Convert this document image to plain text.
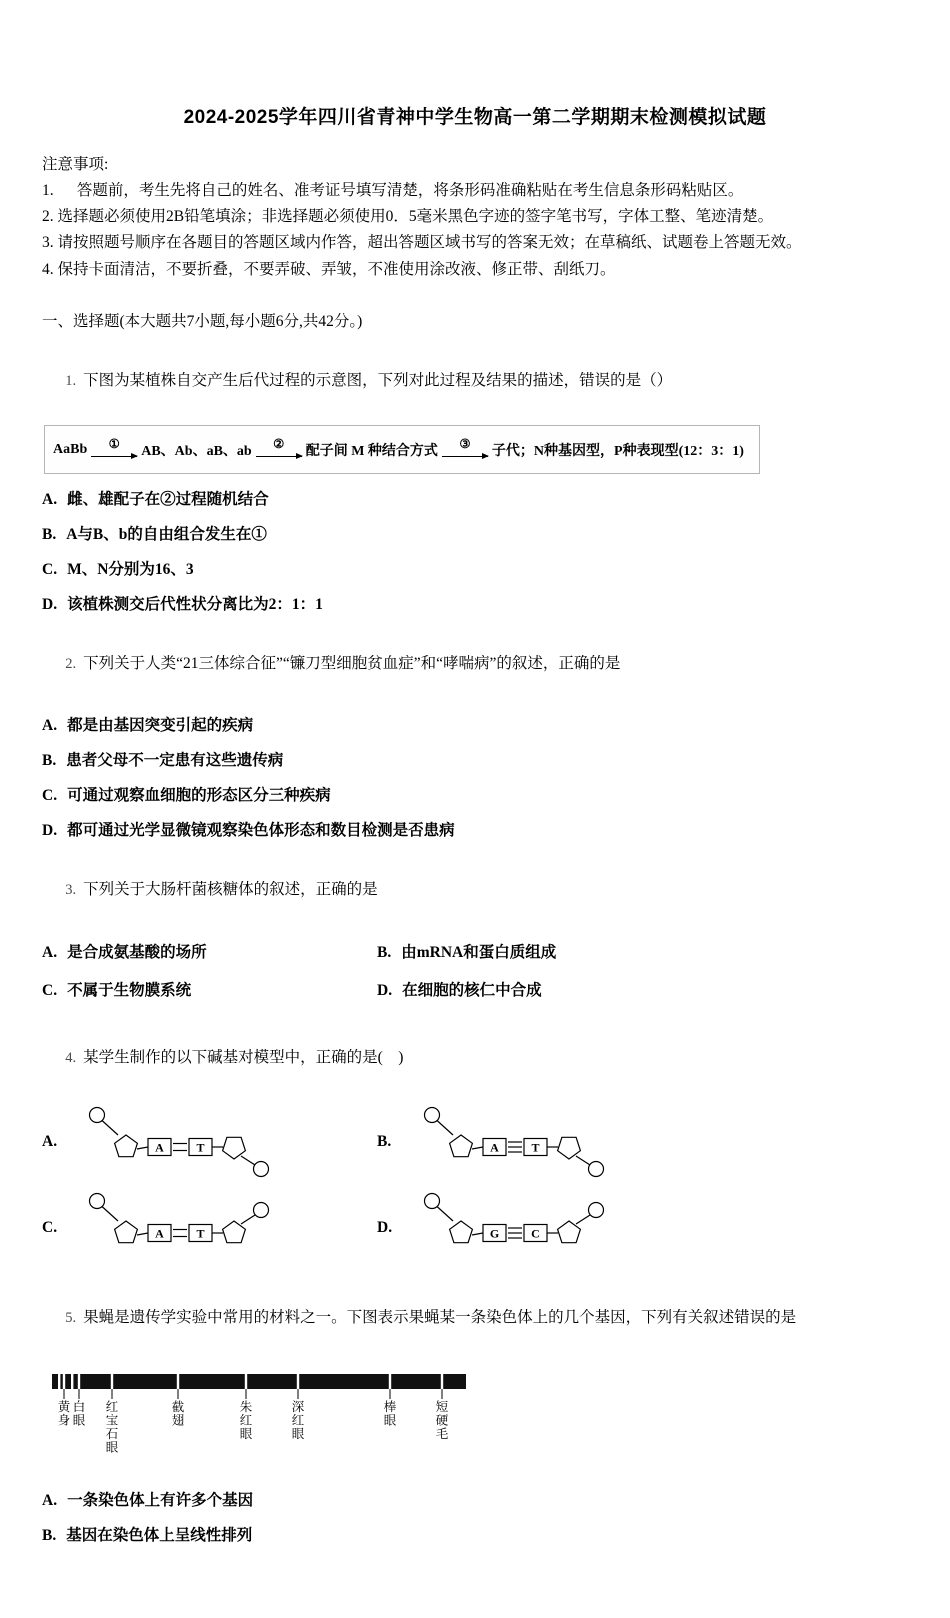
2024-2025学年四川省青神中学生物高一第二学期期末检测模拟试题
注意事项:
1.　  答题前，考生先将自己的姓名、准考证号填写清楚，将条形码准确粘贴在考生信息条形码粘贴区。
2. 选择题必须使用2B铅笔填涂；非选择题必须使用0．5毫米黑色字迹的签字笔书写，字体工整、笔迹清楚。
3. 请按照题号顺序在各题目的答题区域内作答，超出答题区域书写的答案无效；在草稿纸、试题卷上答题无效。
4. 保持卡面清洁，不要折叠，不要弄破、弄皱，不准使用涂改液、修正带、刮纸刀。
一、选择题(本大题共7小题,每小题6分,共42分。)

1. 下图为某植株自交产生后代过程的示意图，下列对此过程及结果的描述，错误的是（）

AaBb ① AB、Ab、aB、ab ② 配子间 M 种结合方式 ③ 子代；N种基因型，P种表现型(12：3：1)
A. 雌、雄配子在②过程随机结合
B. A与B、b的自由组合发生在①
C. M、N分别为16、3
D. 该植株测交后代性状分离比为2：1：1

2. 下列关于人类“21三体综合征”“镰刀型细胞贫血症”和“哮喘病”的叙述，正确的是

A. 都是由基因突变引起的疾病
B. 患者父母不一定患有这些遗传病
C. 可通过观察血细胞的形态区分三种疾病
D. 都可通过光学显微镜观察染色体形态和数目检测是否患病

3. 下列关于大肠杆菌核糖体的叙述，正确的是

A. 是合成氨基酸的场所	B. 由mRNA和蛋白质组成
C. 不属于生物膜系统	D. 在细胞的核仁中合成

4. 某学生制作的以下碱基对模型中，正确的是(    )

A.	A	T	B.	A	T
C.	A	T	D.	G	C

5. 果蝇是遗传学实验中常用的材料之一。下图表示果蝇某一条染色体上的几个基因，下列有关叙述错误的是

黄身
白眼
红宝石眼
截翅
朱红眼
深红眼
棒眼
短硬毛
A. 一条染色体上有许多个基因
B. 基因在染色体上呈线性排列
